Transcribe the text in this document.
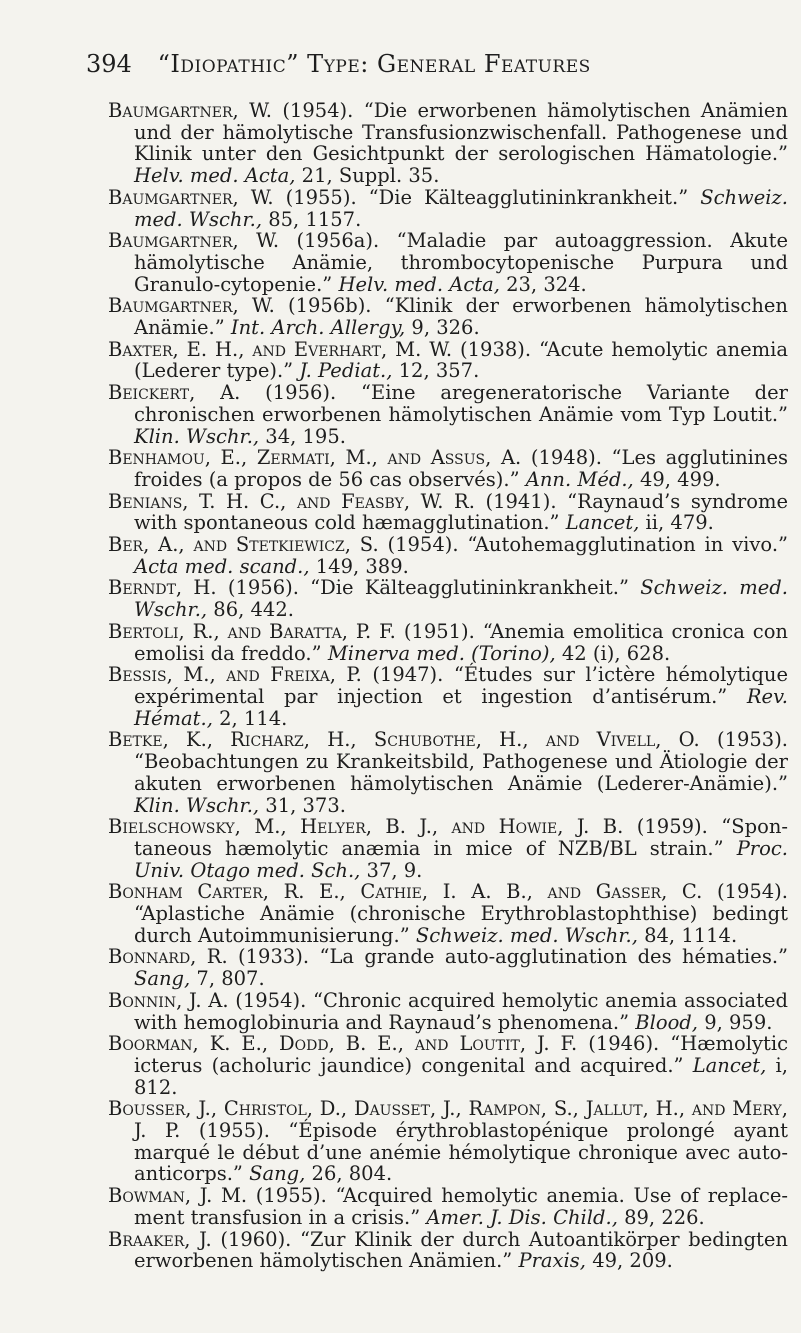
394 “Idiopathic” Type: General Features

Baumgartner, W. (1954). “Die erworbenen hämolytischen Anämien und der hämolytische Transfusionzwischenfall. Pathogenese und Klinik unter den Gesichtpunkt der serologischen Hämatologie.” Helv. med. Acta, 21, Suppl. 35.

Baumgartner, W. (1955). “Die Kälteagglutininkrankheit.” Schweiz. med. Wschr., 85, 1157.

Baumgartner, W. (1956a). “Maladie par autoaggression. Akute hämolytische Anämie, thrombocytopenische Purpura und Granulo-cytopenie.” Helv. med. Acta, 23, 324.

Baumgartner, W. (1956b). “Klinik der erworbenen hämolytischen Anämie.” Int. Arch. Allergy, 9, 326.

Baxter, E. H., and Everhart, M. W. (1938). “Acute hemolytic anemia (Lederer type).” J. Pediat., 12, 357.

Beickert, A. (1956). “Eine aregeneratorische Variante der chronischen erworbenen hämolytischen Anämie vom Typ Loutit.” Klin. Wschr., 34, 195.

Benhamou, E., Zermati, M., and Assus, A. (1948). “Les agglutinines froides (a propos de 56 cas observés).” Ann. Méd., 49, 499.

Benians, T. H. C., and Feasby, W. R. (1941). “Raynaud’s syndrome with spontaneous cold hæmagglutination.” Lancet, ii, 479.

Ber, A., and Stetkiewicz, S. (1954). “Autohemagglutination in vivo.” Acta med. scand., 149, 389.

Berndt, H. (1956). “Die Kälteagglutininkrankheit.” Schweiz. med. Wschr., 86, 442.

Bertoli, R., and Baratta, P. F. (1951). “Anemia emolitica cronica con emolisi da freddo.” Minerva med. (Torino), 42 (i), 628.

Bessis, M., and Freixa, P. (1947). “Études sur l’ictère hémolytique expérimental par injection et ingestion d’antisérum.” Rev. Hémat., 2, 114.

Betke, K., Richarz, H., Schubothe, H., and Vivell, O. (1953). “Beobachtungen zu Krankeitsbild, Pathogenese und Ätiologie der akuten erworbenen hämolytischen Anämie (Lederer-Anämie).” Klin. Wschr., 31, 373.

Bielschowsky, M., Helyer, B. J., and Howie, J. B. (1959). “Spon-taneous hæmolytic anæmia in mice of NZB/BL strain.” Proc. Univ. Otago med. Sch., 37, 9.

Bonham Carter, R. E., Cathie, I. A. B., and Gasser, C. (1954). “Aplastiche Anämie (chronische Erythroblastophthise) bedingt durch Autoimmunisierung.” Schweiz. med. Wschr., 84, 1114.

Bonnard, R. (1933). “La grande auto-agglutination des hématies.” Sang, 7, 807.

Bonnin, J. A. (1954). “Chronic acquired hemolytic anemia associated with hemoglobinuria and Raynaud’s phenomena.” Blood, 9, 959.

Boorman, K. E., Dodd, B. E., and Loutit, J. F. (1946). “Hæmolytic icterus (acholuric jaundice) congenital and acquired.” Lancet, i, 812.

Bousser, J., Christol, D., Dausset, J., Rampon, S., Jallut, H., and Mery, J. P. (1955). “Épisode érythroblastopénique prolongé ayant marqué le début d’une anémie hémolytique chronique avec auto-anticorps.” Sang, 26, 804.

Bowman, J. M. (1955). “Acquired hemolytic anemia. Use of replace-ment transfusion in a crisis.” Amer. J. Dis. Child., 89, 226.

Braaker, J. (1960). “Zur Klinik der durch Autoantikörper bedingten erworbenen hämolytischen Anämien.” Praxis, 49, 209.
